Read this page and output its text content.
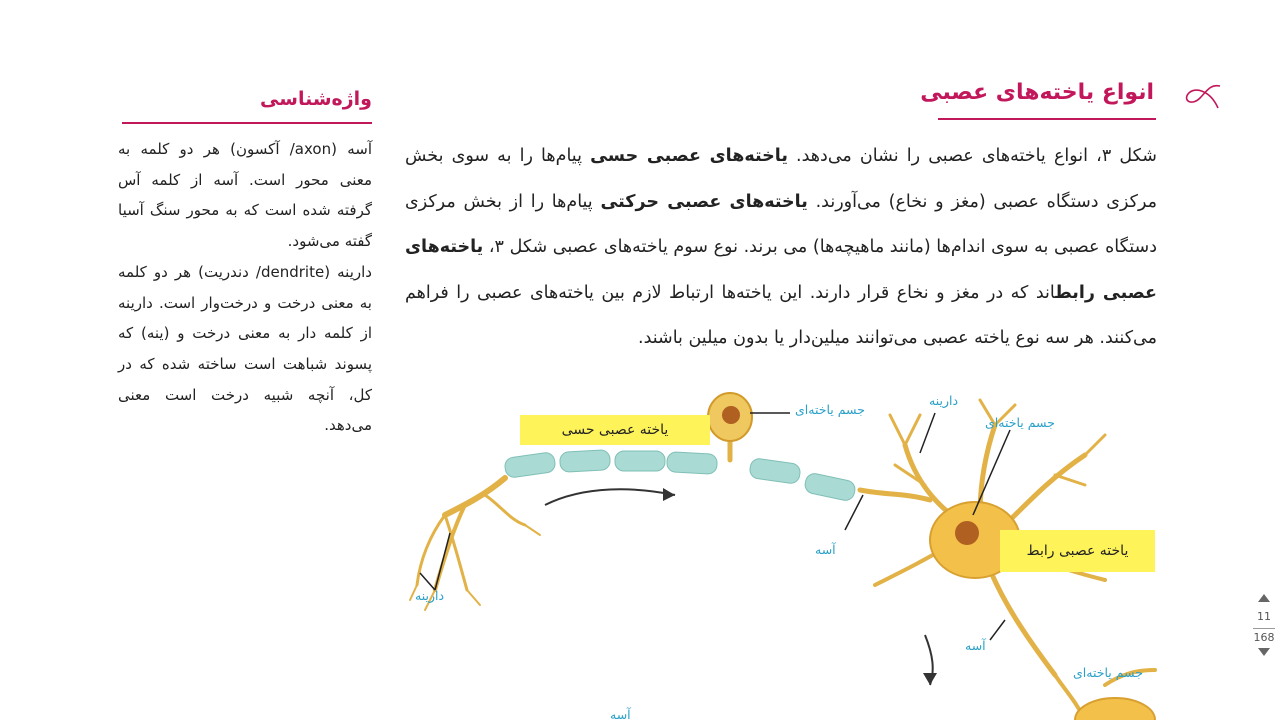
انواع یاخته‌های عصبی
شکل ۳، انواع یاخته‌های عصبی را نشان می‌دهد. یاخته‌های عصبی حسی پیام‌ها را به سوی بخش مرکزی دستگاه عصبی (مغز و نخاع) می‌آورند. یاخته‌های عصبی حرکتی پیام‌ها را از بخش مرکزی دستگاه عصبی به سوی اندام‌ها (مانند ماهیچه‌ها) می برند. نوع سوم یاخته‌های عصبی شکل ۳، یاخته‌های عصبی رابطاند که در مغز و نخاع قرار دارند. این یاخته‌ها ارتباط لازم بین یاخته‌های عصبی را فراهم می‌کنند. هر سه نوع یاخته عصبی می‌توانند میلین‌دار یا بدون میلین باشند.
واژه‌شناسی

آسه (axon/ آکسون) هر دو کلمه به معنی محور است. آسه از کلمه آس گرفته شده است که به محور سنگ آسیا گفته می‌شود.

دارینه (dendrite/ دندریت) هر دو کلمه به معنی درخت و درخت‌وار است. دارینه از کلمه دار به معنی درخت و (ینه) که پسوند شباهت است ساخته شده که در کل، آنچه شبیه درخت است معنی می‌دهد.	یاخته عصبی حسی
یاخته عصبی رابط
جسم یاخته‌ای
دارینه
جسم یاخته‌ای
آسه
دارینه
آسه
جسم یاخته‌ای
آسه
11
168
